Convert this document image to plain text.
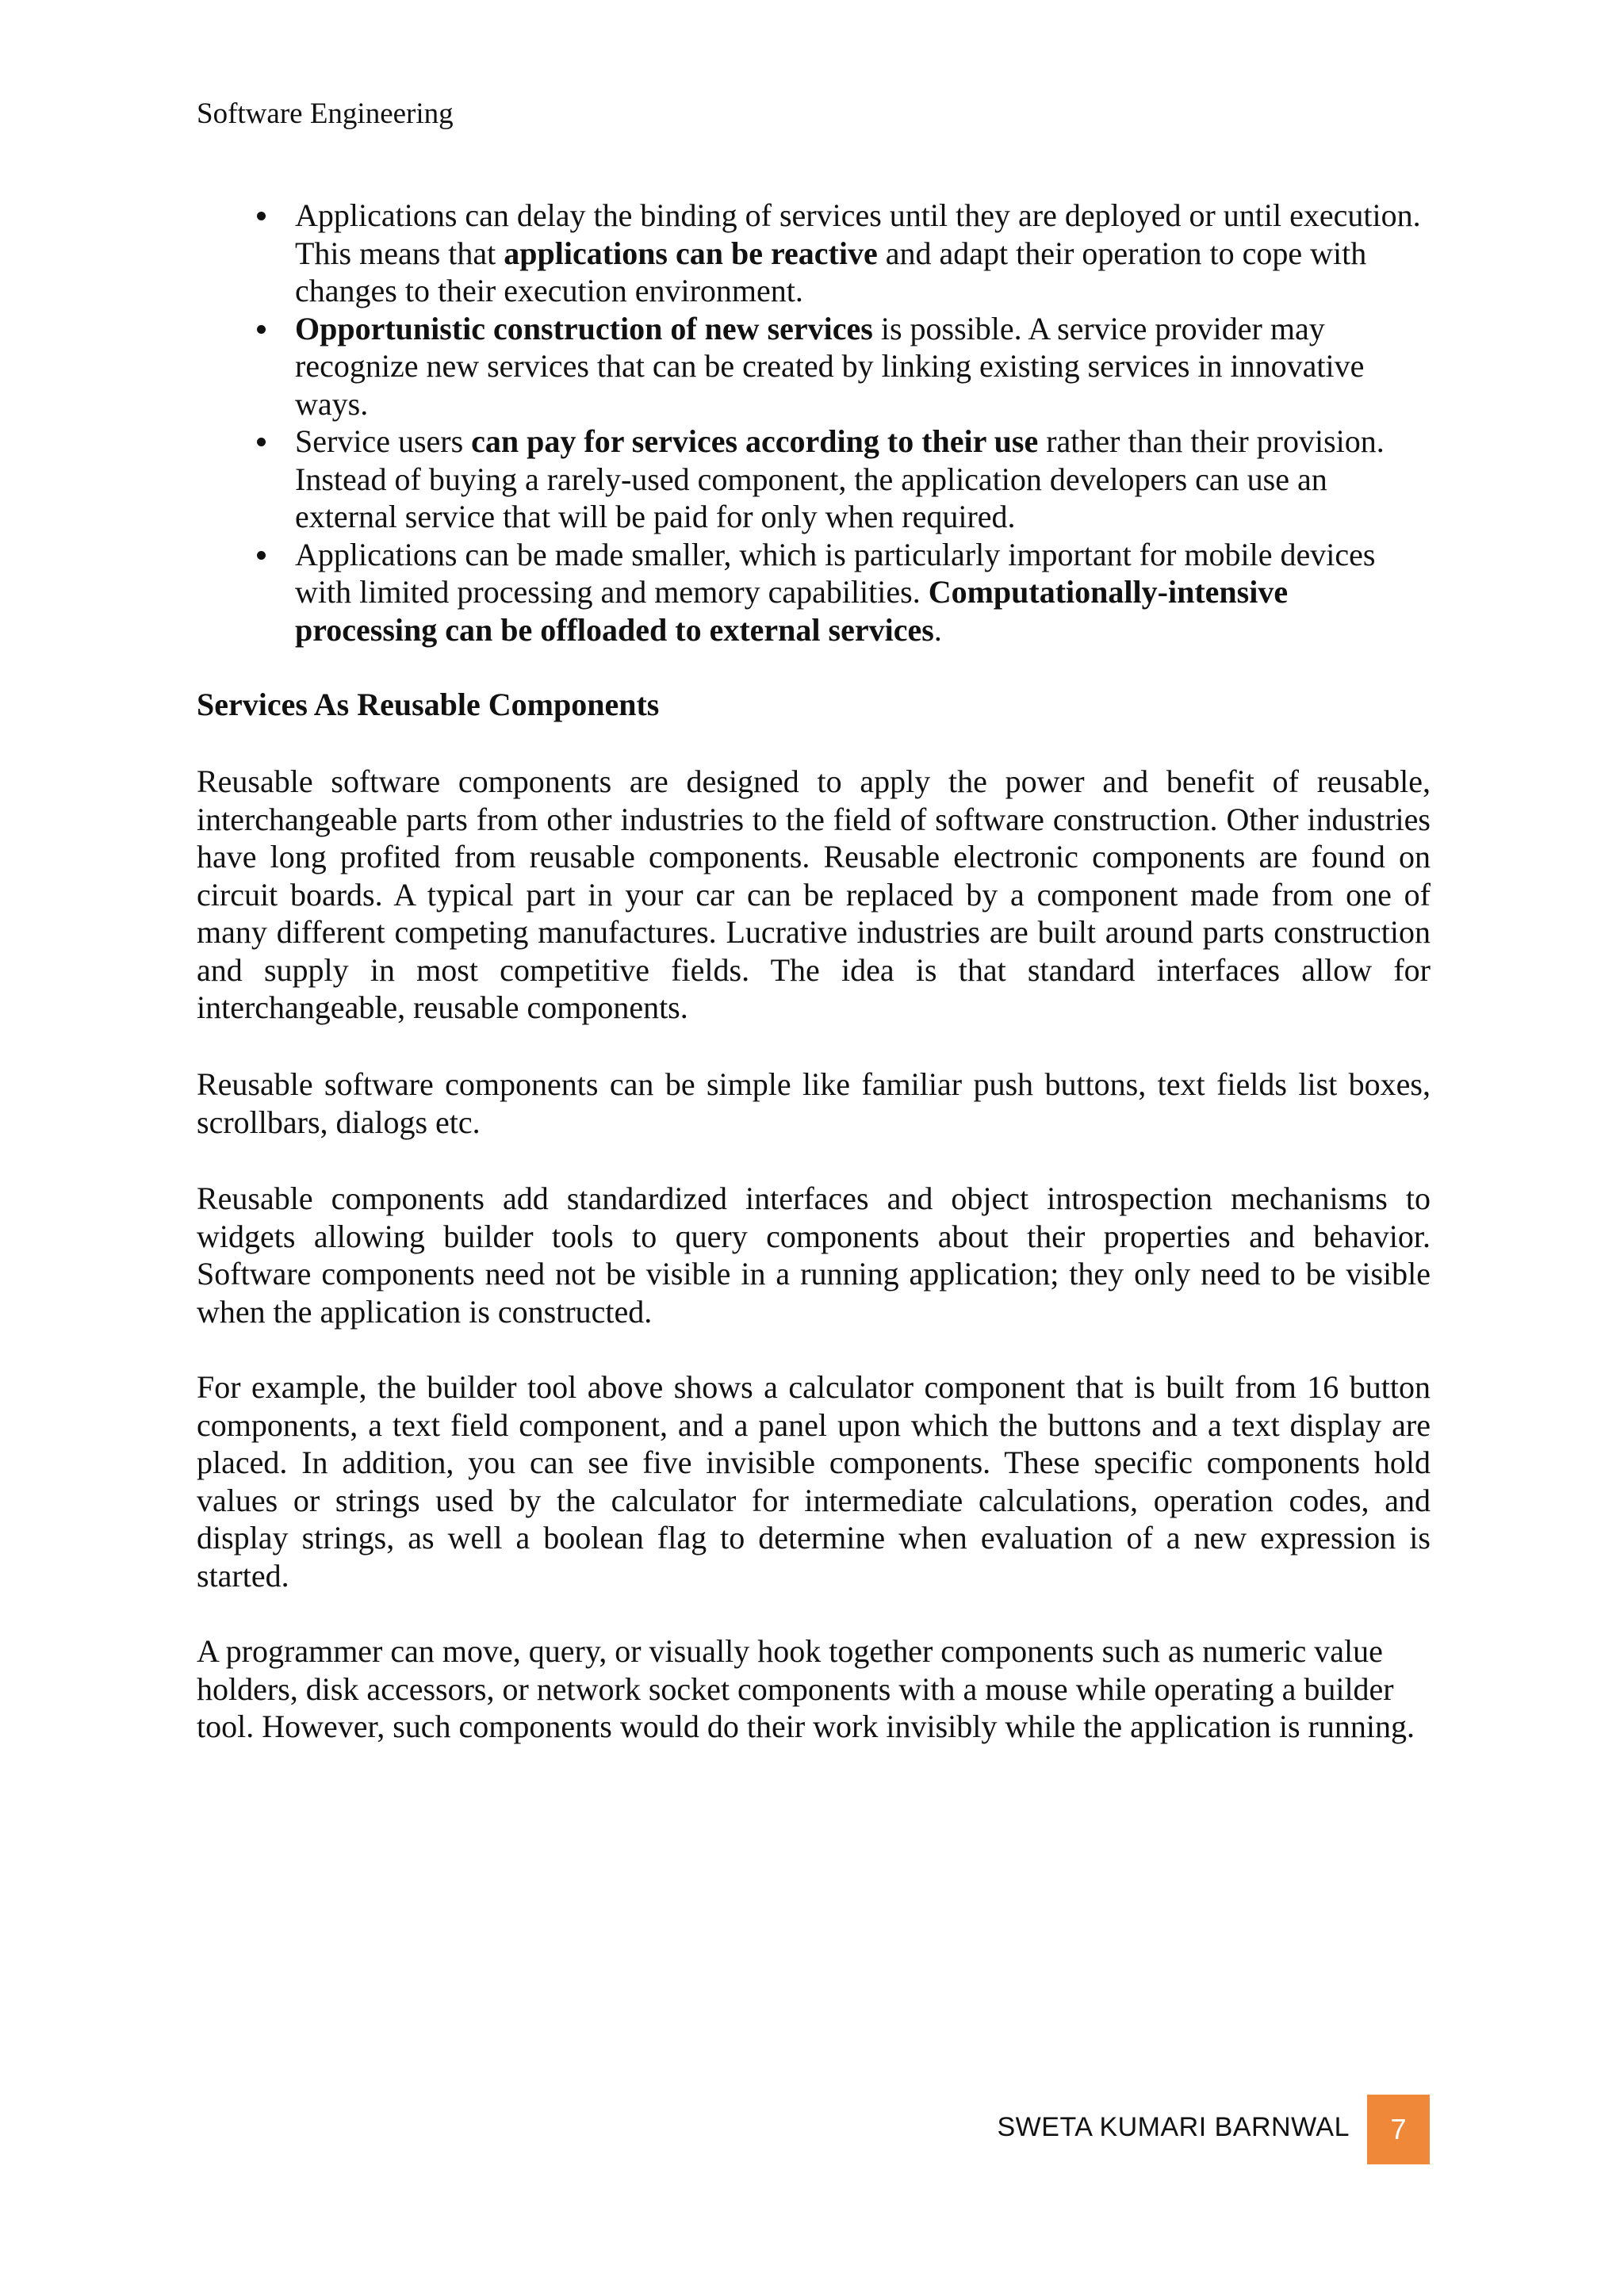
Software Engineering
Applications can delay the binding of services until they are deployed or until execution. This means that applications can be reactive and adapt their operation to cope with changes to their execution environment.
Opportunistic construction of new services is possible. A service provider may recognize new services that can be created by linking existing services in innovative ways.
Service users can pay for services according to their use rather than their provision. Instead of buying a rarely-used component, the application developers can use an external service that will be paid for only when required.
Applications can be made smaller, which is particularly important for mobile devices with limited processing and memory capabilities. Computationally-intensive processing can be offloaded to external services.
Services As Reusable Components

Reusable software components are designed to apply the power and benefit of reusable, interchangeable parts from other industries to the field of software construction. Other industries have long profited from reusable components. Reusable electronic components are found on circuit boards. A typical part in your car can be replaced by a component made from one of many different competing manufactures. Lucrative industries are built around parts construction and supply in most competitive fields. The idea is that standard interfaces allow for interchangeable, reusable components.

Reusable software components can be simple like familiar push buttons, text fields list boxes, scrollbars, dialogs etc.

Reusable components add standardized interfaces and object introspection mechanisms to widgets allowing builder tools to query components about their properties and behavior. Software components need not be visible in a running application; they only need to be visible when the application is constructed.

For example, the builder tool above shows a calculator component that is built from 16 button components, a text field component, and a panel upon which the buttons and a text display are placed. In addition, you can see five invisible components. These specific components hold values or strings used by the calculator for intermediate calculations, operation codes, and display strings, as well a boolean flag to determine when evaluation of a new expression is started.

A programmer can move, query, or visually hook together components such as numeric value holders, disk accessors, or network socket components with a mouse while operating a builder tool. However, such components would do their work invisibly while the application is running.

SWETA KUMARI BARNWAL	7
